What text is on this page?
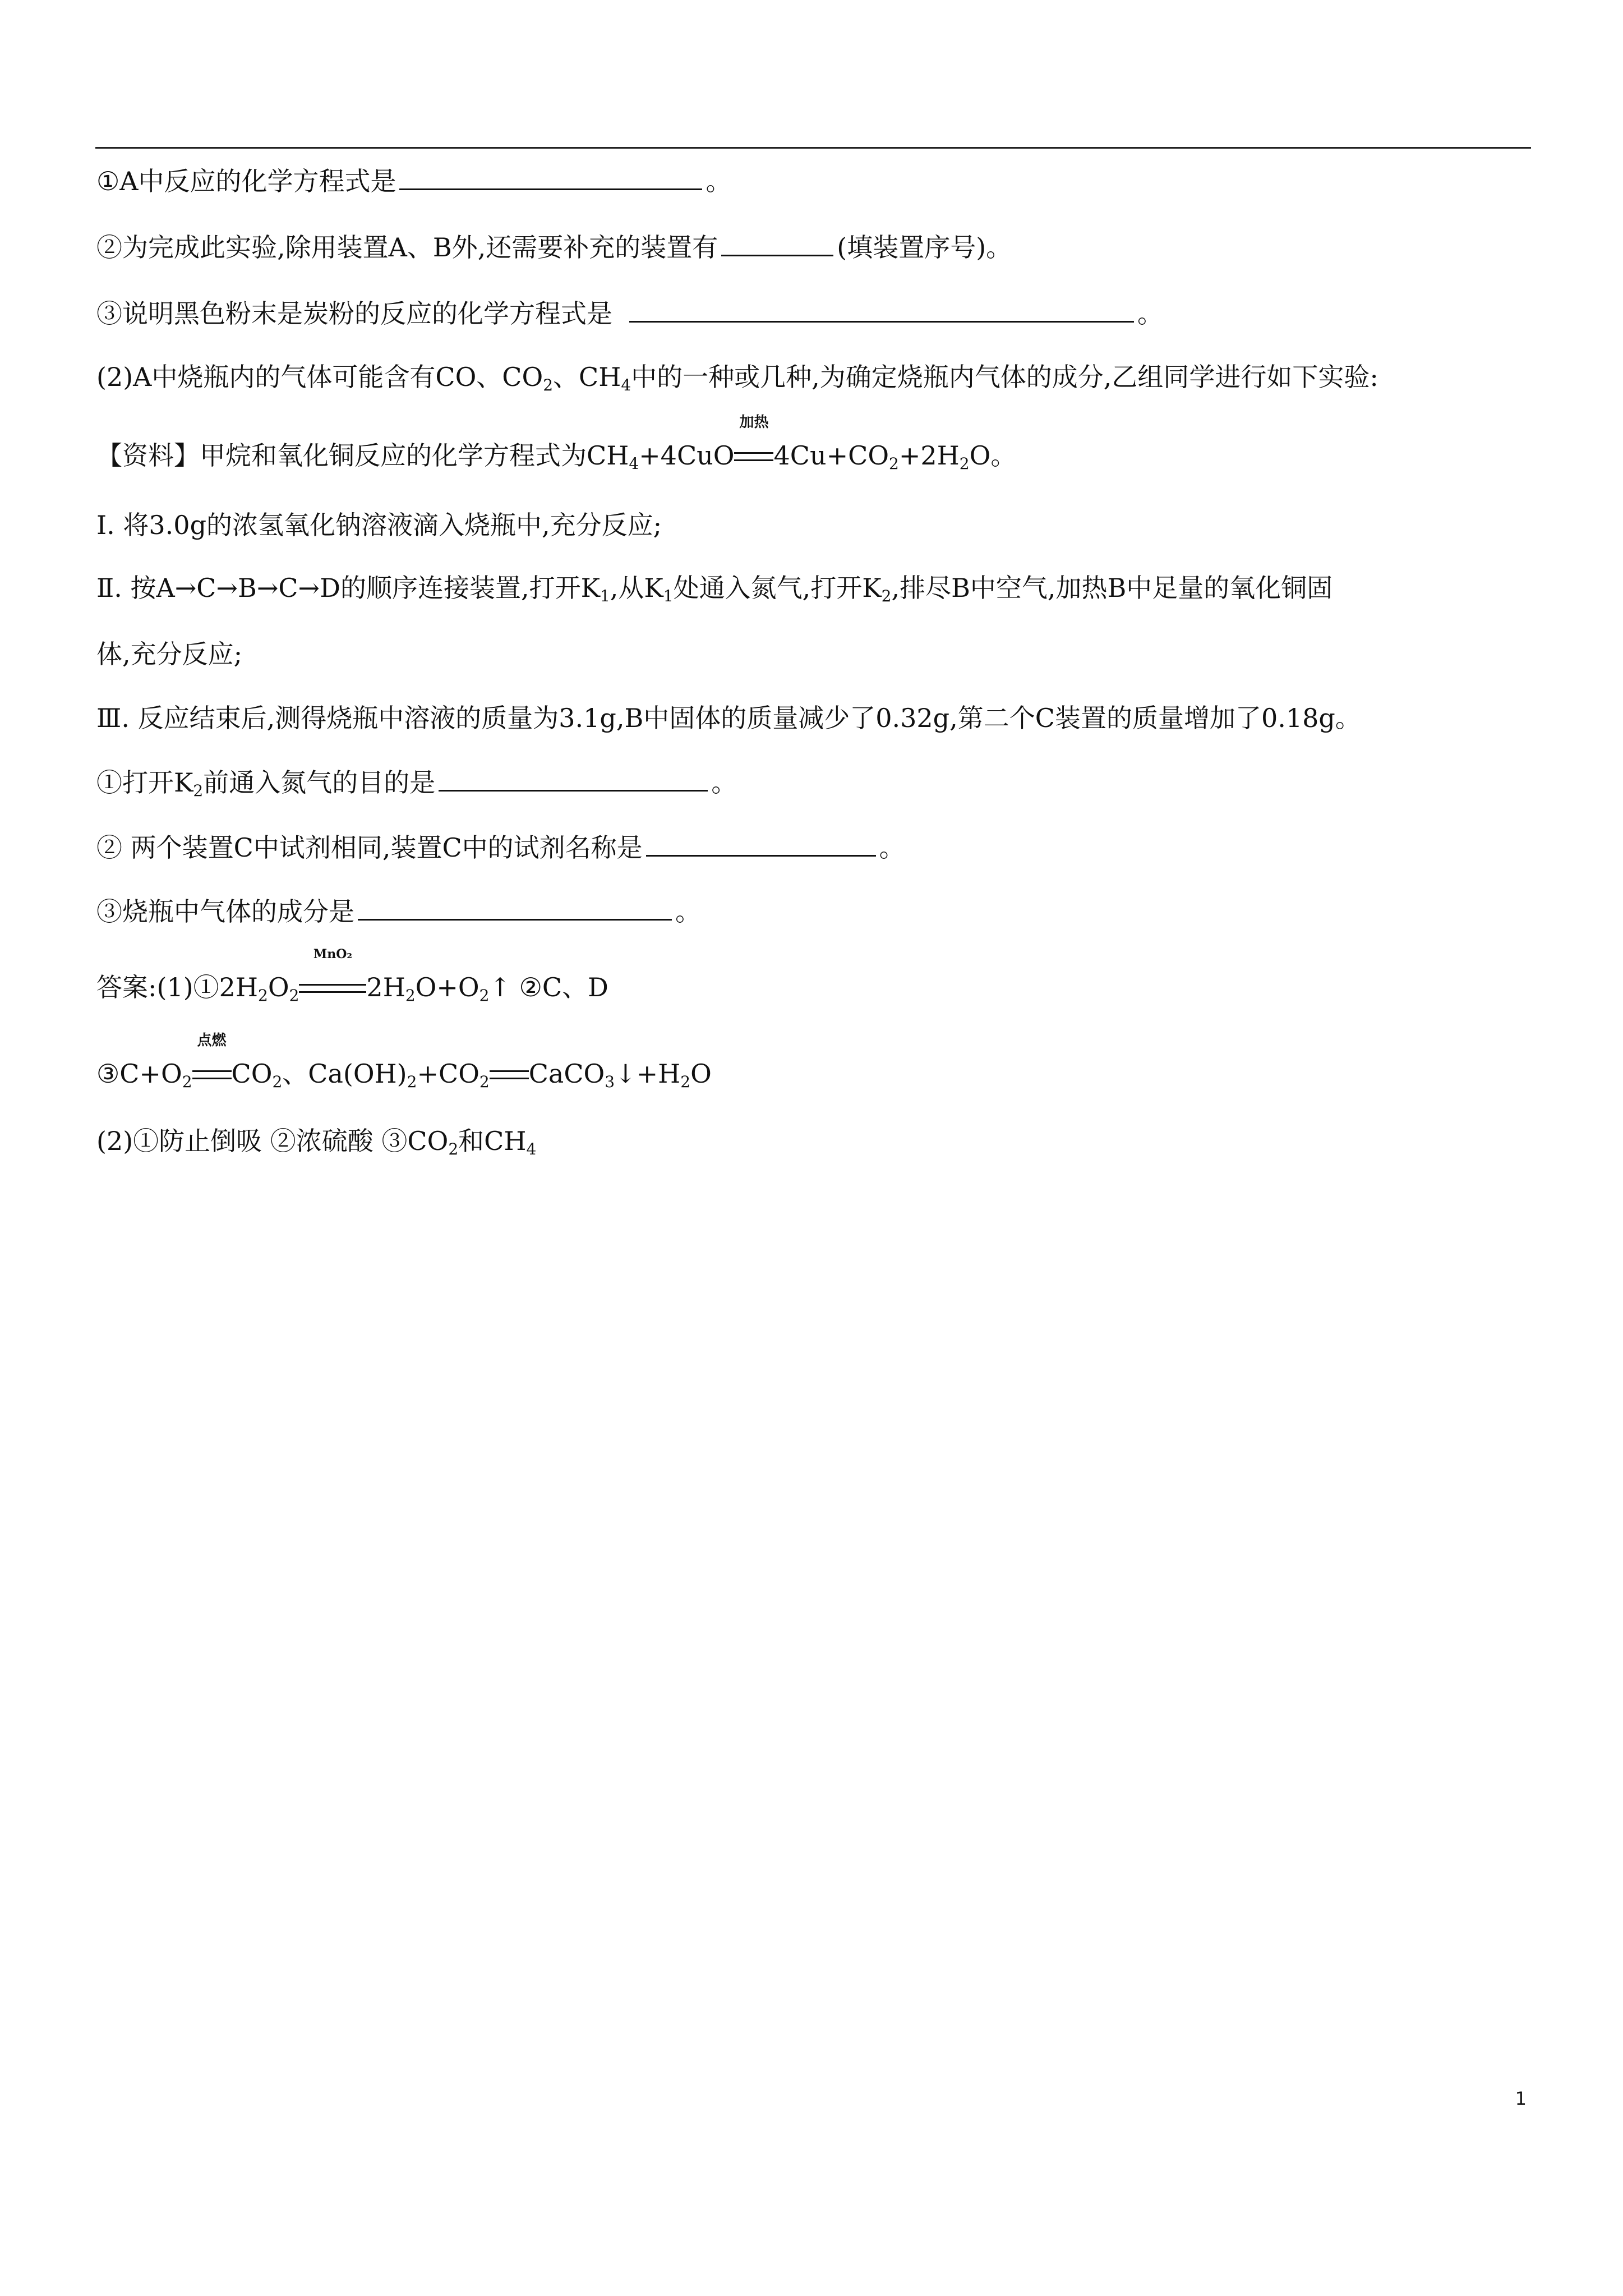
①A中反应的化学方程式是	。
②为完成此实验,除用装置A、B外,还需要补充的装置有	(填装置序号)。
③说明黑色粉末是炭粉的反应的化学方程式是	。
(2)A中烧瓶内的气体可能含有CO、$CO_2$、$CH_4$中的一种或几种,为确定烧瓶内气体的成分,乙组同学进行如下实验:
【资料】甲烷和氧化铜反应的化学方程式为$CH_4+4CuO$
加热
$4Cu+CO_2+2H_2O$。
Ⅰ. 将3.0g的浓氢氧化钠溶液滴入烧瓶中,充分反应;
Ⅱ. 按A→C→B→C→D的顺序连接装置,打开$K_1$,从$K_1$处通入氮气,打开$K_2$,排尽B中空气,加热B中足量的氧化铜固
体,充分反应;
Ⅲ. 反应结束后,测得烧瓶中溶液的质量为3.1g,B中固体的质量减少了0.32g,第二个C装置的质量增加了0.18g。
①打开$K_2$前通入氮气的目的是	。
② 两个装置C中试剂相同,装置C中的试剂名称是	。
③烧瓶中气体的成分是	。
答案$:(1)①2H_2O_2$
MnO₂
$2H_2O+O_2↑$ ②C、D
$③C+O_2$
点燃
$CO_2$、$Ca(OH)_2+CO_2$ $CaCO_3↓+H_2O$
(2)①防止倒吸 ②浓硫酸 $③CO_2$和$CH_4$
1
